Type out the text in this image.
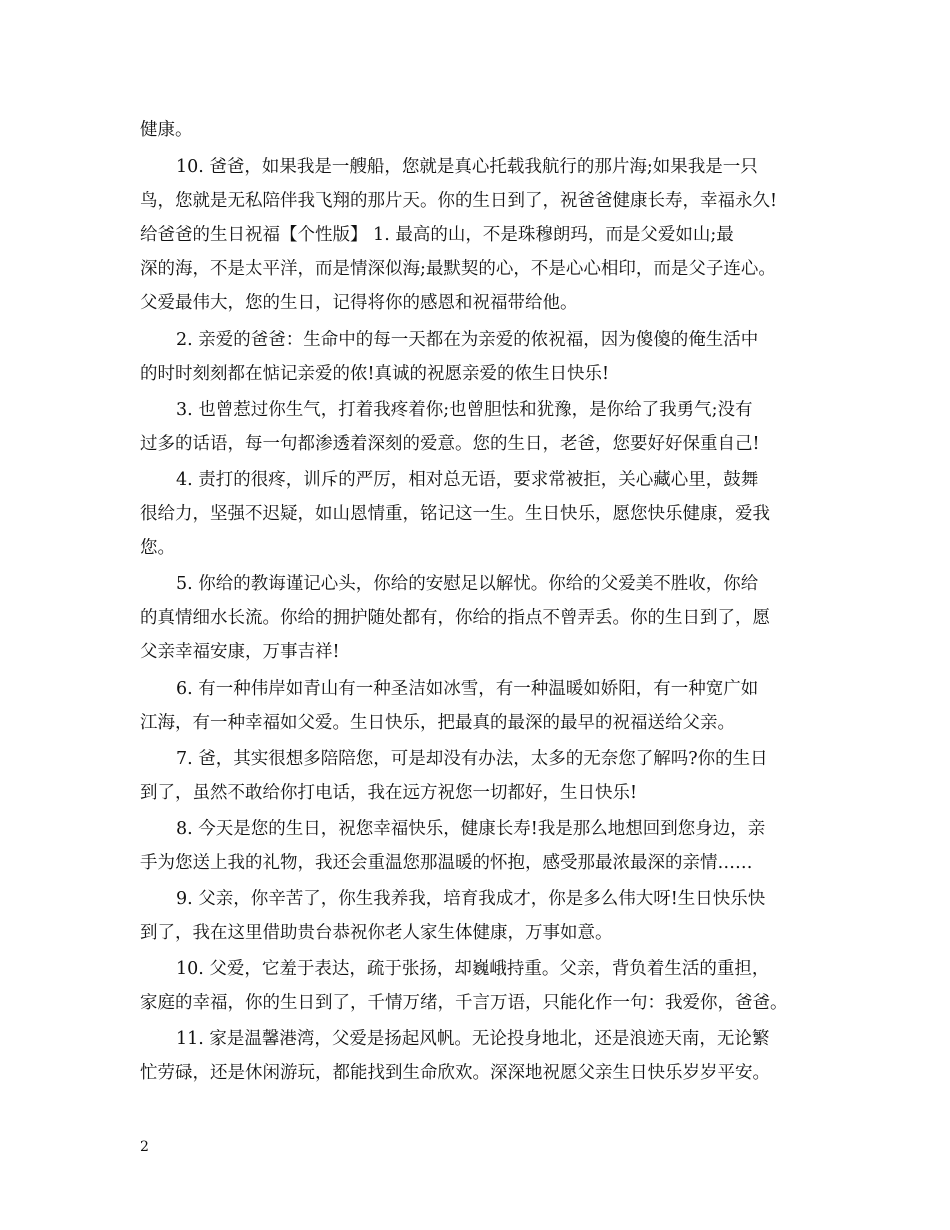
健康。
10. 爸爸，如果我是一艘船，您就是真心托载我航行的那片海;如果我是一只
鸟，您就是无私陪伴我飞翔的那片天。你的生日到了，祝爸爸健康长寿，幸福永久!
给爸爸的生日祝福【个性版】 1. 最高的山，不是珠穆朗玛，而是父爱如山;最
深的海，不是太平洋，而是情深似海;最默契的心，不是心心相印，而是父子连心。
父爱最伟大，您的生日，记得将你的感恩和祝福带给他。
2. 亲爱的爸爸：生命中的每一天都在为亲爱的侬祝福，因为傻傻的俺生活中
的时时刻刻都在惦记亲爱的侬!真诚的祝愿亲爱的侬生日快乐!
3. 也曾惹过你生气，打着我疼着你;也曾胆怯和犹豫，是你给了我勇气;没有
过多的话语，每一句都渗透着深刻的爱意。您的生日，老爸，您要好好保重自己!
4. 责打的很疼，训斥的严厉，相对总无语，要求常被拒，关心藏心里，鼓舞
很给力，坚强不迟疑，如山恩情重，铭记这一生。生日快乐，愿您快乐健康，爱我
您。
5. 你给的教诲谨记心头，你给的安慰足以解忧。你给的父爱美不胜收，你给
的真情细水长流。你给的拥护随处都有，你给的指点不曾弄丢。你的生日到了，愿
父亲幸福安康，万事吉祥!
6. 有一种伟岸如青山有一种圣洁如冰雪，有一种温暖如娇阳，有一种宽广如
江海，有一种幸福如父爱。生日快乐，把最真的最深的最早的祝福送给父亲。
7. 爸，其实很想多陪陪您，可是却没有办法，太多的无奈您了解吗?你的生日
到了，虽然不敢给你打电话，我在远方祝您一切都好，生日快乐!
8. 今天是您的生日，祝您幸福快乐，健康长寿!我是那么地想回到您身边，亲
手为您送上我的礼物，我还会重温您那温暖的怀抱，感受那最浓最深的亲情……
9. 父亲，你辛苦了，你生我养我，培育我成才，你是多么伟大呀!生日快乐快
到了，我在这里借助贵台恭祝你老人家生体健康，万事如意。
10. 父爱，它羞于表达，疏于张扬，却巍峨持重。父亲，背负着生活的重担，
家庭的幸福，你的生日到了，千情万绪，千言万语，只能化作一句：我爱你，爸爸。
11. 家是温馨港湾，父爱是扬起风帆。无论投身地北，还是浪迹天南，无论繁
忙劳碌，还是休闲游玩，都能找到生命欣欢。深深地祝愿父亲生日快乐岁岁平安。
2
